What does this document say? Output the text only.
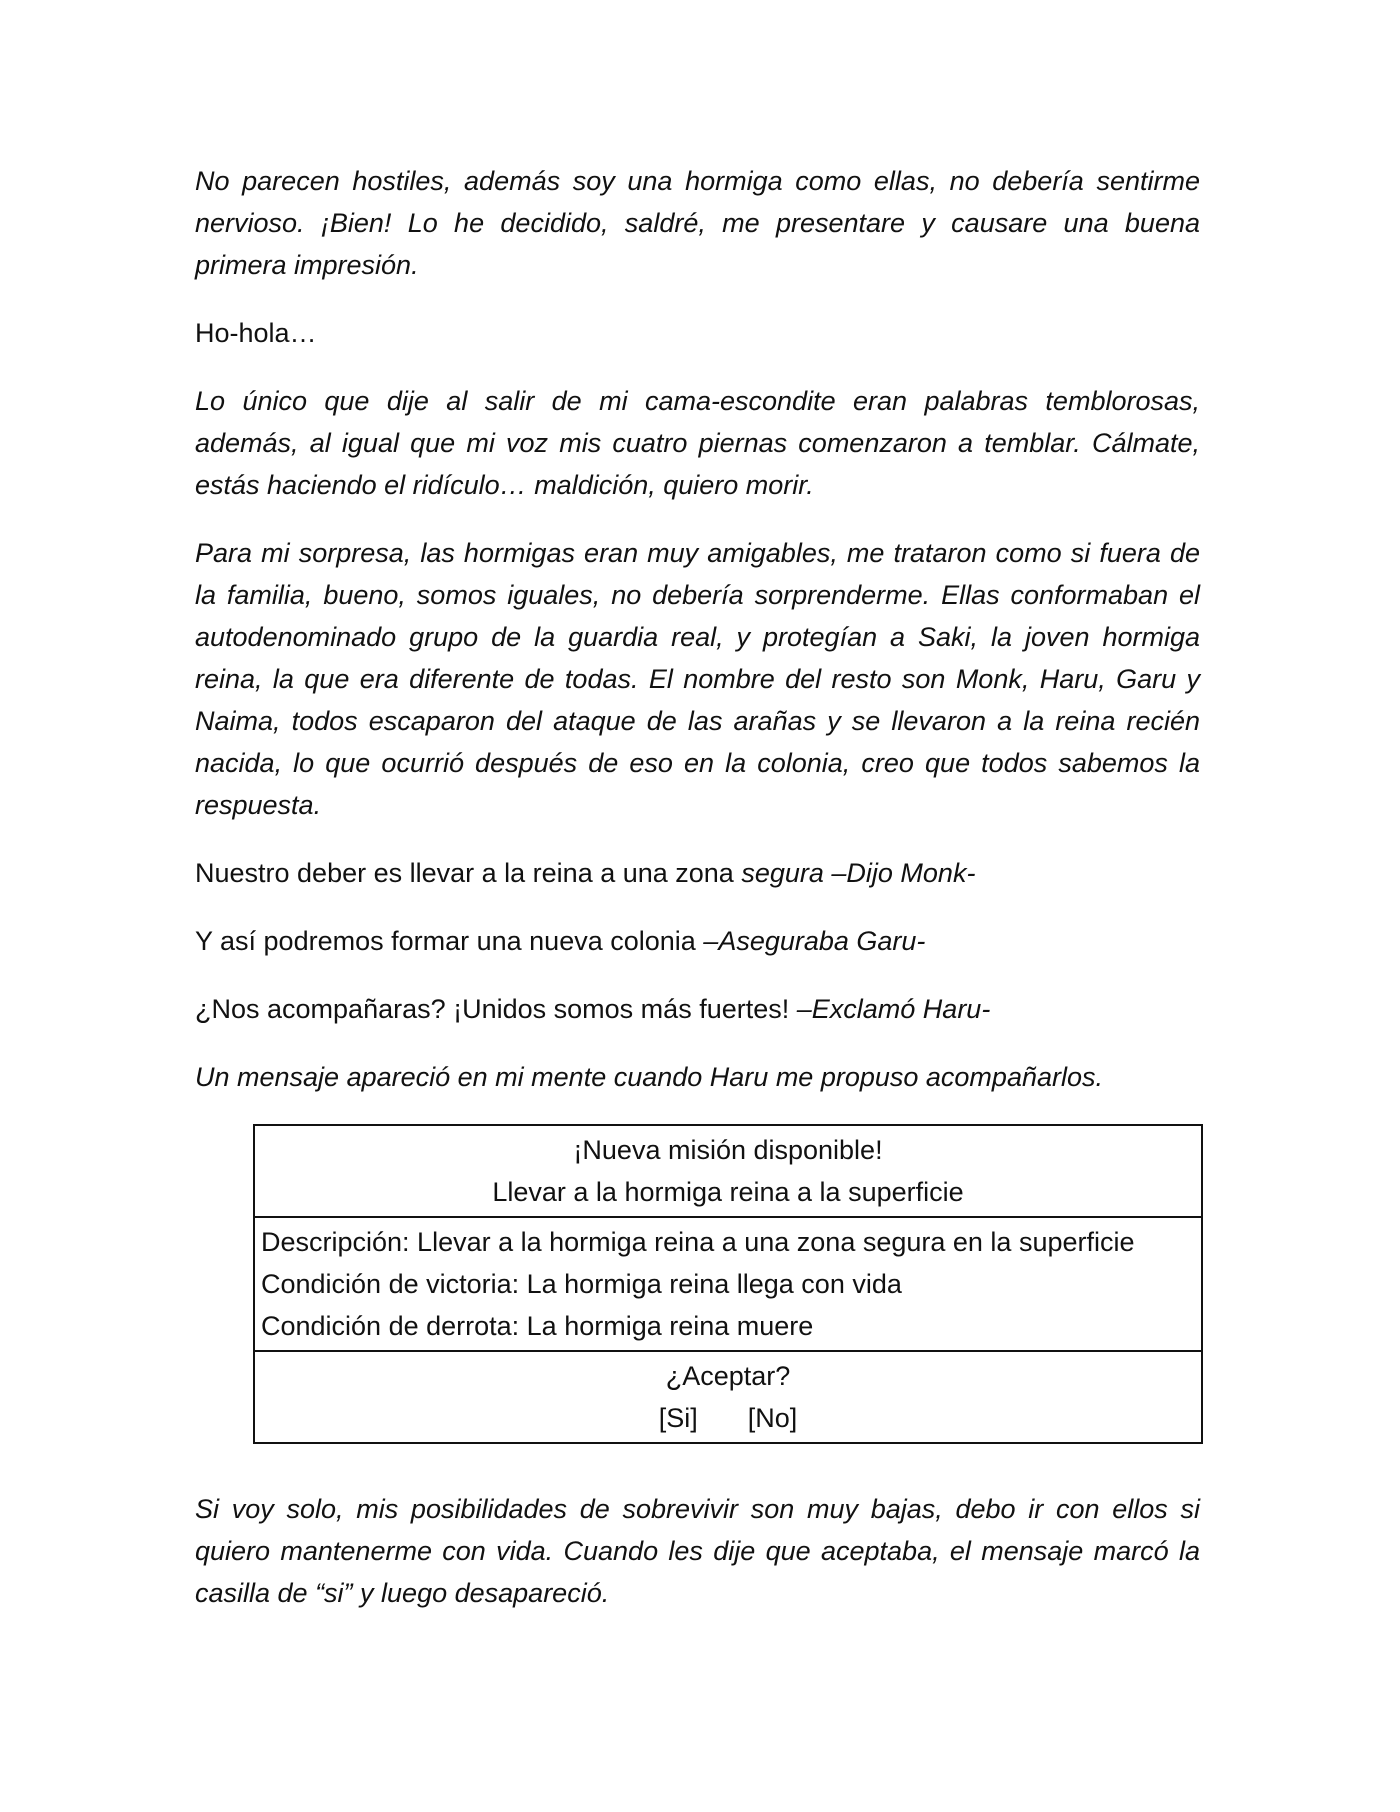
No parecen hostiles, además soy una hormiga como ellas, no debería sentirme nervioso. ¡Bien! Lo he decidido, saldré, me presentare y causare una buena primera impresión.

Ho-hola…

Lo único que dije al salir de mi cama-escondite eran palabras temblorosas, además, al igual que mi voz mis cuatro piernas comenzaron a temblar. Cálmate, estás haciendo el ridículo… maldición, quiero morir.

Para mi sorpresa, las hormigas eran muy amigables, me trataron como si fuera de la familia, bueno, somos iguales, no debería sorprenderme. Ellas conformaban el autodenominado grupo de la guardia real, y protegían a Saki, la joven hormiga reina, la que era diferente de todas. El nombre del resto son Monk, Haru, Garu y Naima, todos escaparon del ataque de las arañas y se llevaron a la reina recién nacida, lo que ocurrió después de eso en la colonia, creo que todos sabemos la respuesta.

Nuestro deber es llevar a la reina a una zona segura –Dijo Monk-

Y así podremos formar una nueva colonia –Aseguraba Garu-

¿Nos acompañaras? ¡Unidos somos más fuertes! –Exclamó Haru-

Un mensaje apareció en mi mente cuando Haru me propuso acompañarlos.

¡Nueva misión disponible!
Llevar a la hormiga reina a la superficie
Descripción: Llevar a la hormiga reina a una zona segura en la superficie
Condición de victoria: La hormiga reina llega con vida
Condición de derrota: La hormiga reina muere
¿Aceptar?
[Si] [No]

Si voy solo, mis posibilidades de sobrevivir son muy bajas, debo ir con ellos si quiero mantenerme con vida. Cuando les dije que aceptaba, el mensaje marcó la casilla de “si” y luego desapareció.
